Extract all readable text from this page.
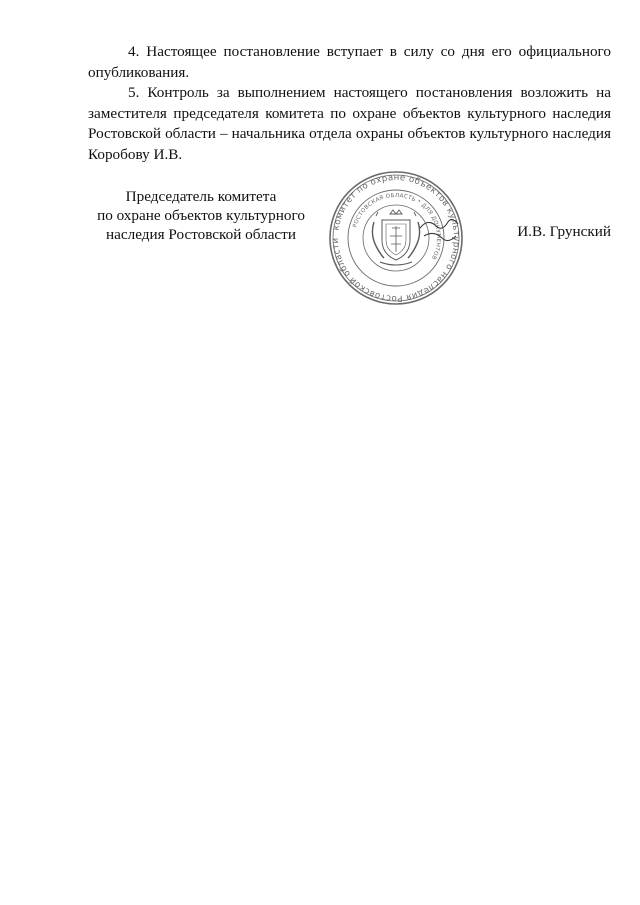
4. Настоящее постановление вступает в силу со дня его официального опубликования.

5. Контроль за выполнением настоящего постановления возложить на заместителя председателя комитета по охране объектов культурного наследия Ростовской области – начальника отдела охраны объектов культурного наследия Коробову И.В.

Председатель комитета
по охране объектов культурного
наследия Ростовской области	комитет по охране объектов культурного наследия Ростовской области
РОСТОВСКАЯ ОБЛАСТЬ * ДЛЯ ДОКУМЕНТОВ
И.В. Грунский
